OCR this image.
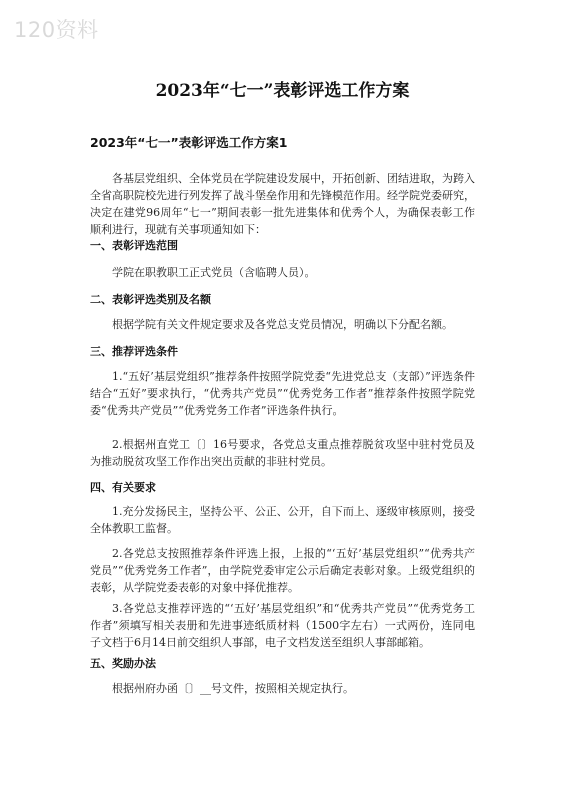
120资料
2023年“七一”表彰评选工作方案
2023年“七一”表彰评选工作方案1

各基层党组织、全体党员在学院建设发展中，开拓创新、团结进取，为跨入全省高职院校先进行列发挥了战斗堡垒作用和先锋模范作用。经学院党委研究，决定在建党96周年“七一”期间表彰一批先进集体和优秀个人，为确保表彰工作顺利进行，现就有关事项通知如下：

一、表彰评选范围

学院在职教职工正式党员（含临聘人员）。

二、表彰评选类别及名额

根据学院有关文件规定要求及各党总支党员情况，明确以下分配名额。

三、推荐评选条件

1.“五好’基层党组织”推荐条件按照学院党委“先进党总支（支部）”评选条件结合“五好”要求执行，“优秀共产党员”“优秀党务工作者”推荐条件按照学院党委“优秀共产党员”“优秀党务工作者”评选条件执行。

2.根据州直党工〔〕16号要求，各党总支重点推荐脱贫攻坚中驻村党员及为推动脱贫攻坚工作作出突出贡献的非驻村党员。

四、有关要求

1.充分发扬民主，坚持公平、公正、公开，自下而上、逐级审核原则，接受全体教职工监督。

2.各党总支按照推荐条件评选上报，上报的“‘五好’基层党组织”“优秀共产党员”“优秀党务工作者”，由学院党委审定公示后确定表彰对象。上级党组织的表彰，从学院党委表彰的对象中择优推荐。

3.各党总支推荐评选的“‘五好’基层党组织”和“优秀共产党员”“优秀党务工作者”须填写相关表册和先进事迹纸质材料（1500字左右）一式两份，连同电子文档于6月14日前交组织人事部，电子文档发送至组织人事部邮箱。

五、奖励办法

根据州府办函〔〕__号文件，按照相关规定执行。
